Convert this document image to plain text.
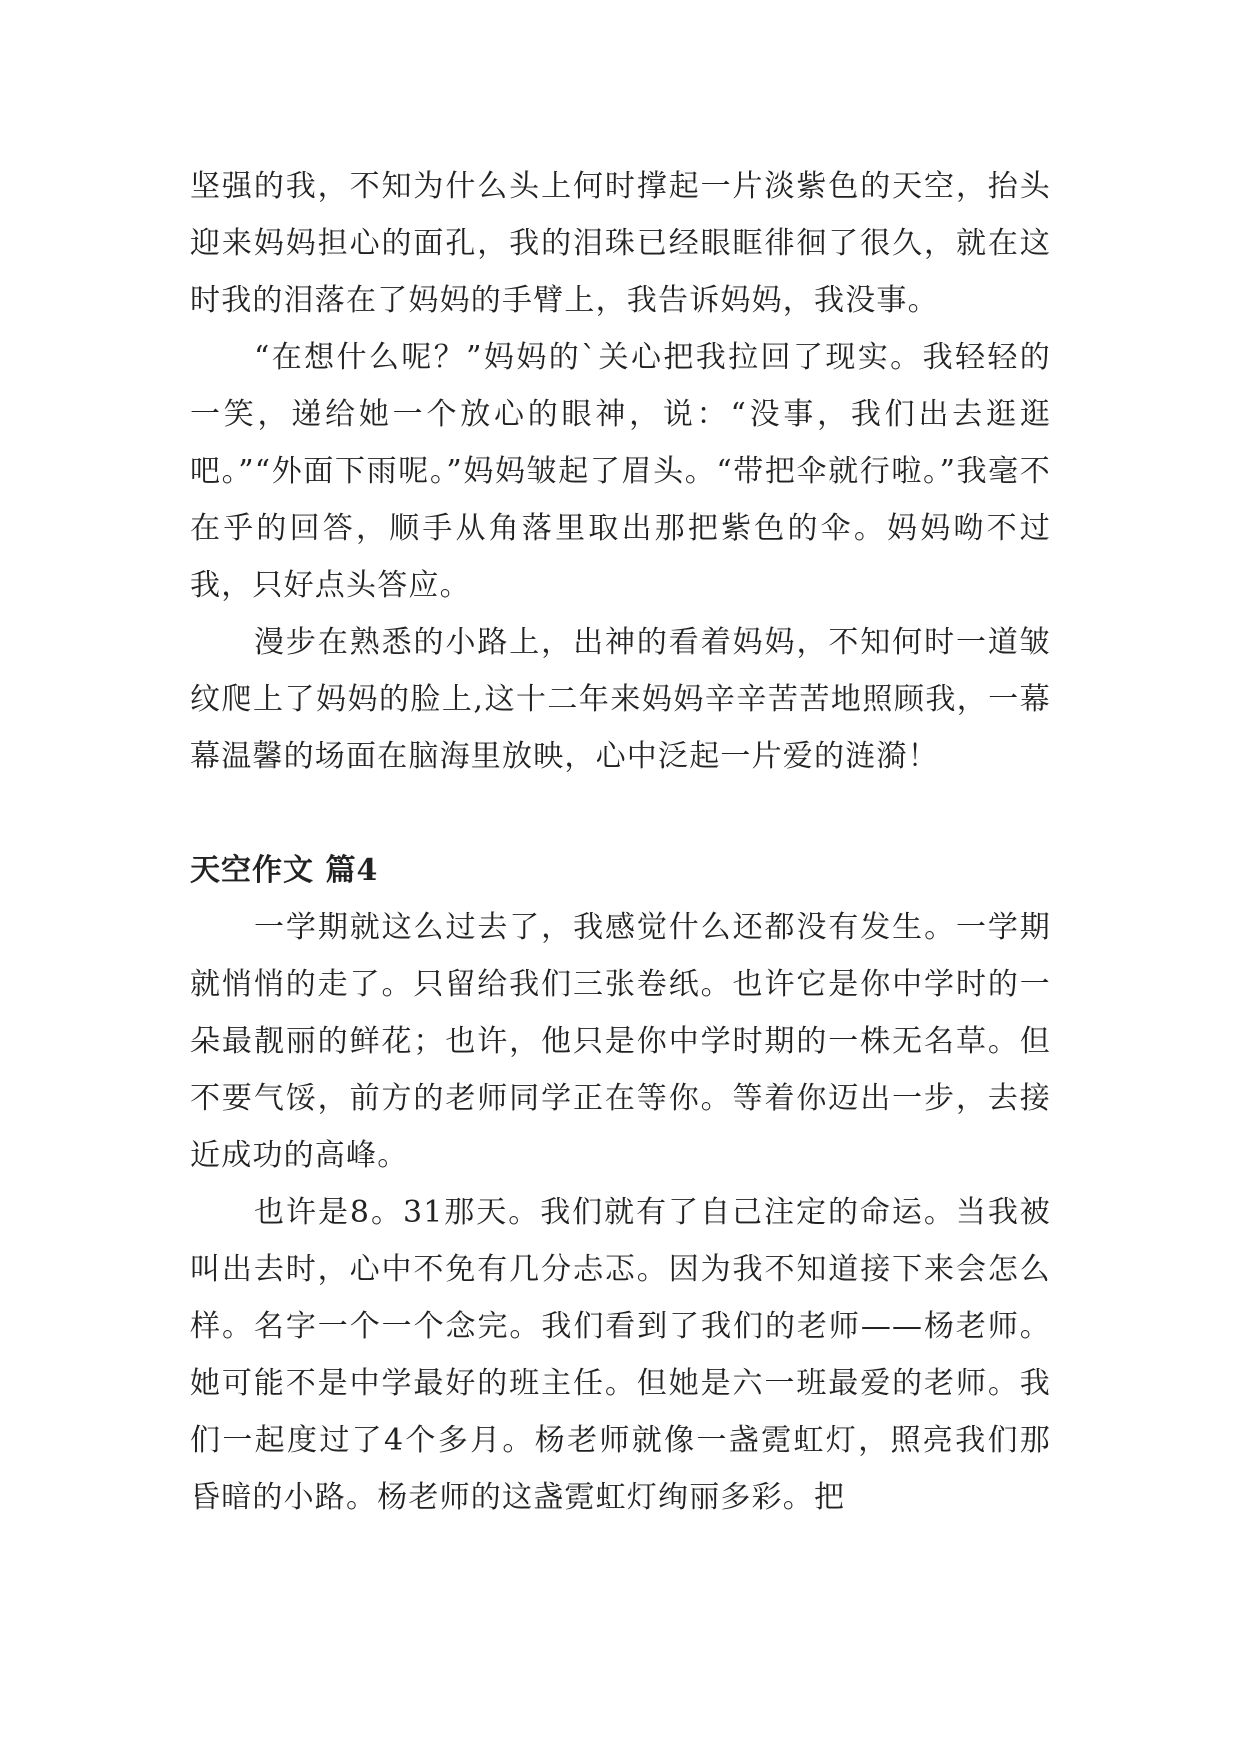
坚强的我，不知为什么头上何时撑起一片淡紫色的天空，抬头迎来妈妈担心的面孔，我的泪珠已经眼眶徘徊了很久，就在这时我的泪落在了妈妈的手臂上，我告诉妈妈，我没事。

“在想什么呢？”妈妈的`关心把我拉回了现实。我轻轻的一笑，递给她一个放心的眼神，说：“没事，我们出去逛逛吧。”“外面下雨呢。”妈妈皱起了眉头。“带把伞就行啦。”我毫不在乎的回答，顺手从角落里取出那把紫色的伞。妈妈呦不过我，只好点头答应。

漫步在熟悉的小路上，出神的看着妈妈，不知何时一道皱纹爬上了妈妈的脸上,这十二年来妈妈辛辛苦苦地照顾我，一幕幕温馨的场面在脑海里放映，心中泛起一片爱的涟漪！

天空作文 篇4

一学期就这么过去了，我感觉什么还都没有发生。一学期就悄悄的走了。只留给我们三张卷纸。也许它是你中学时的一朵最靓丽的鲜花；也许，他只是你中学时期的一株无名草。但不要气馁，前方的老师同学正在等你。等着你迈出一步，去接近成功的高峰。

也许是8。31那天。我们就有了自己注定的命运。当我被叫出去时，心中不免有几分忐忑。因为我不知道接下来会怎么样。名字一个一个念完。我们看到了我们的老师——杨老师。她可能不是中学最好的班主任。但她是六一班最爱的老师。我们一起度过了4个多月。杨老师就像一盏霓虹灯，照亮我们那昏暗的小路。杨老师的这盏霓虹灯绚丽多彩。把
